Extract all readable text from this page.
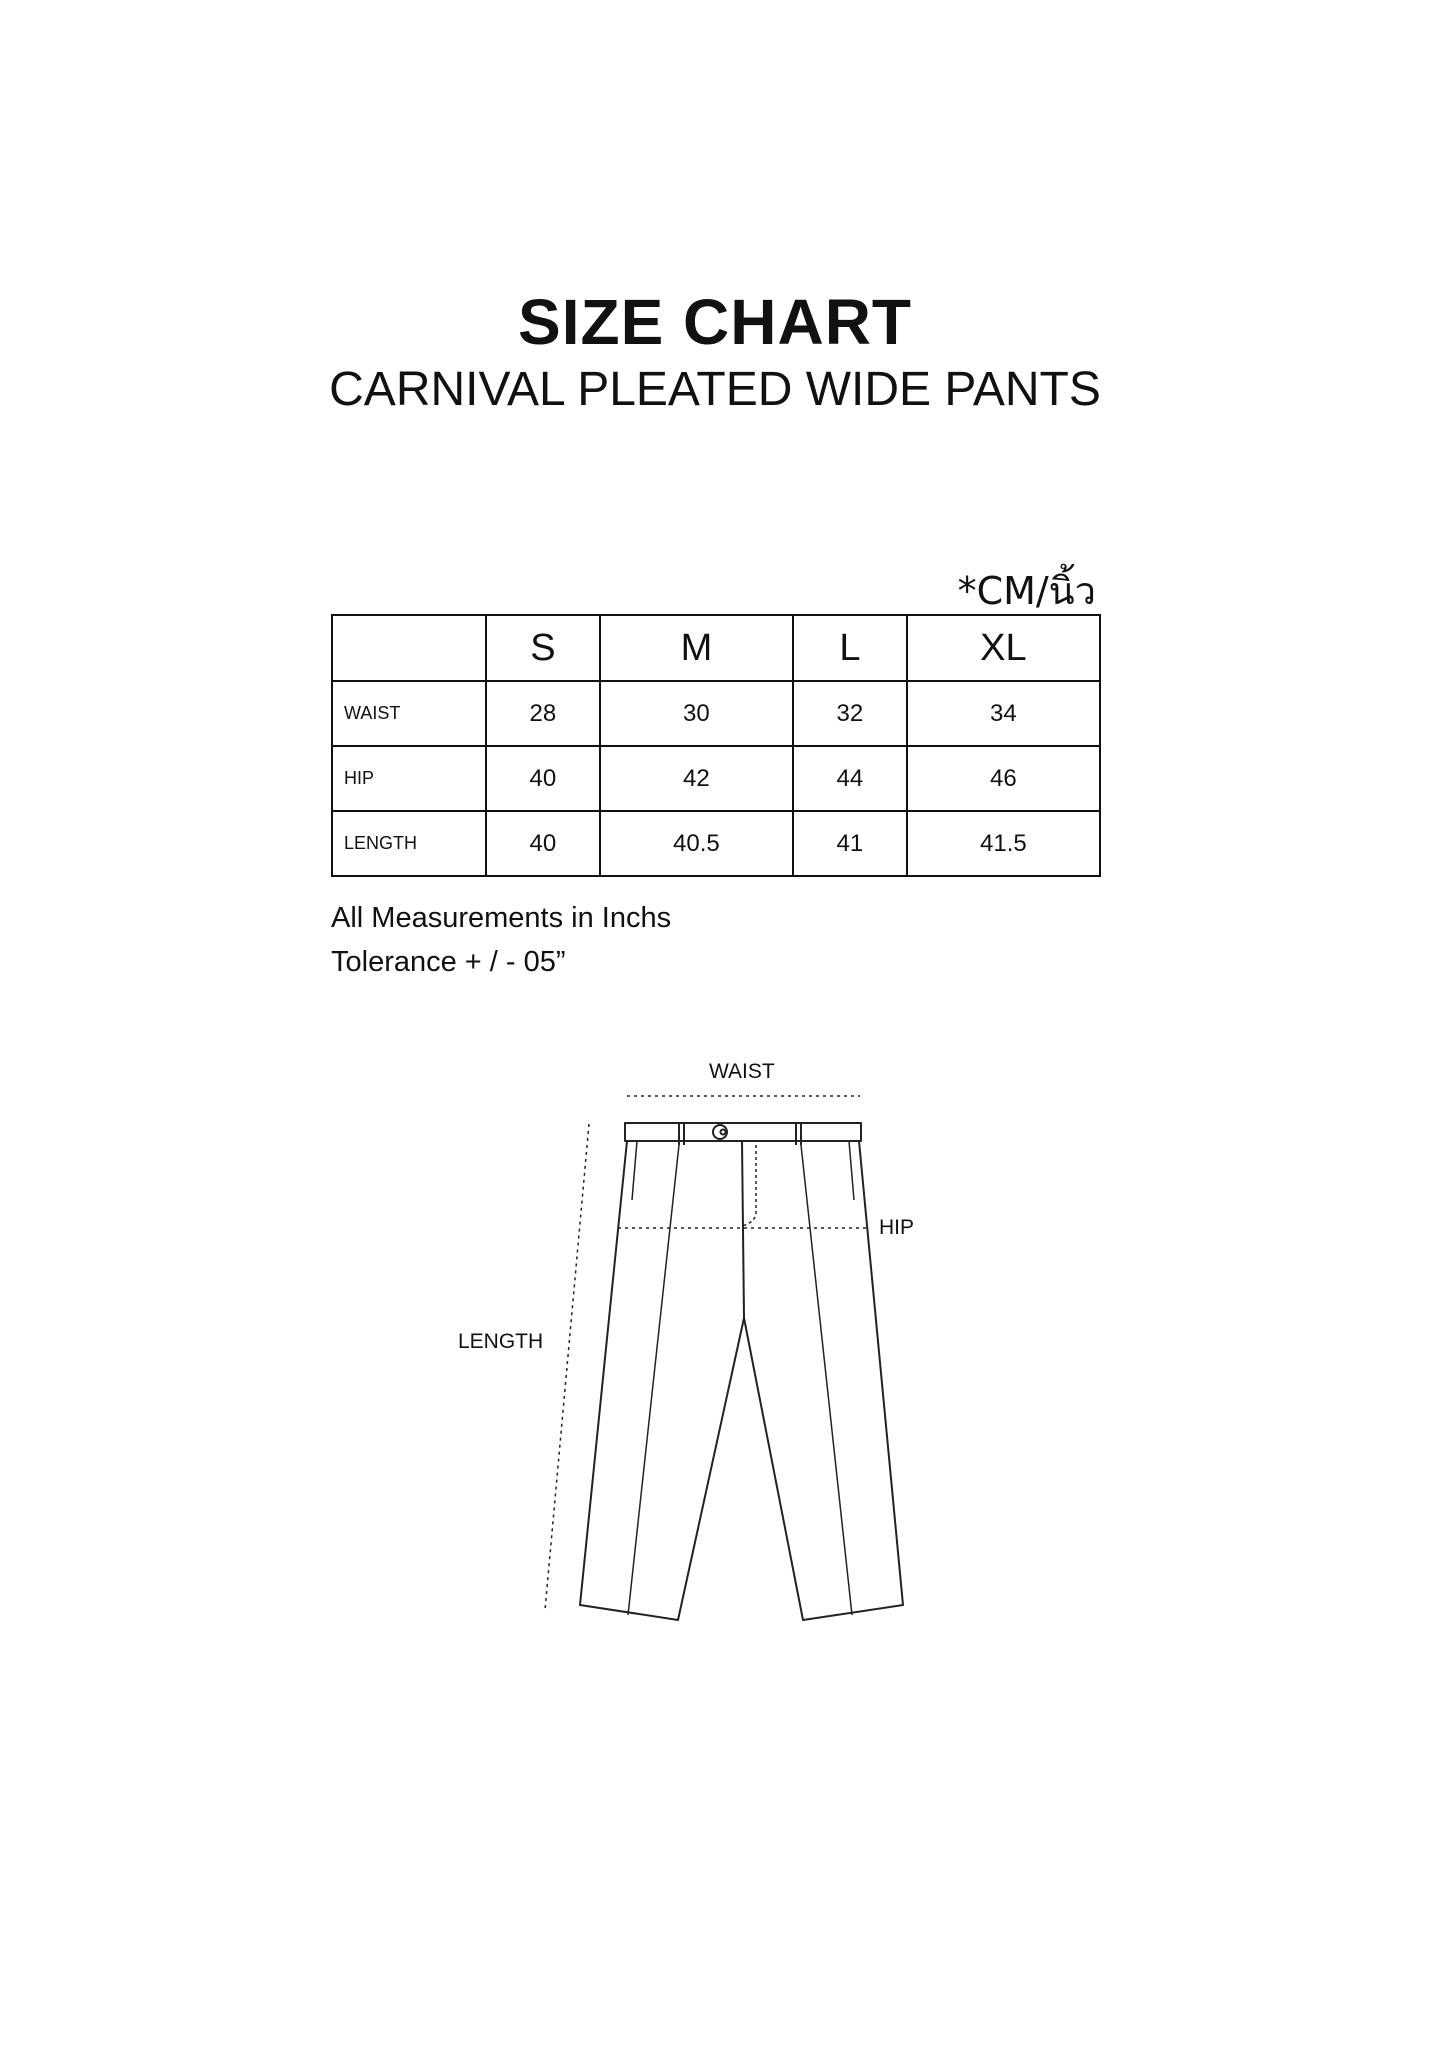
SIZE CHART
CARNIVAL PLEATED WIDE PANTS
*CM/นิ้ว
	S	M	L	XL
WAIST	28	30	32	34
HIP	40	42	44	46
LENGTH	40	40.5	41	41.5
All Measurements in Inchs
Tolerance + / - 05”
WAIST
HIP
LENGTH
